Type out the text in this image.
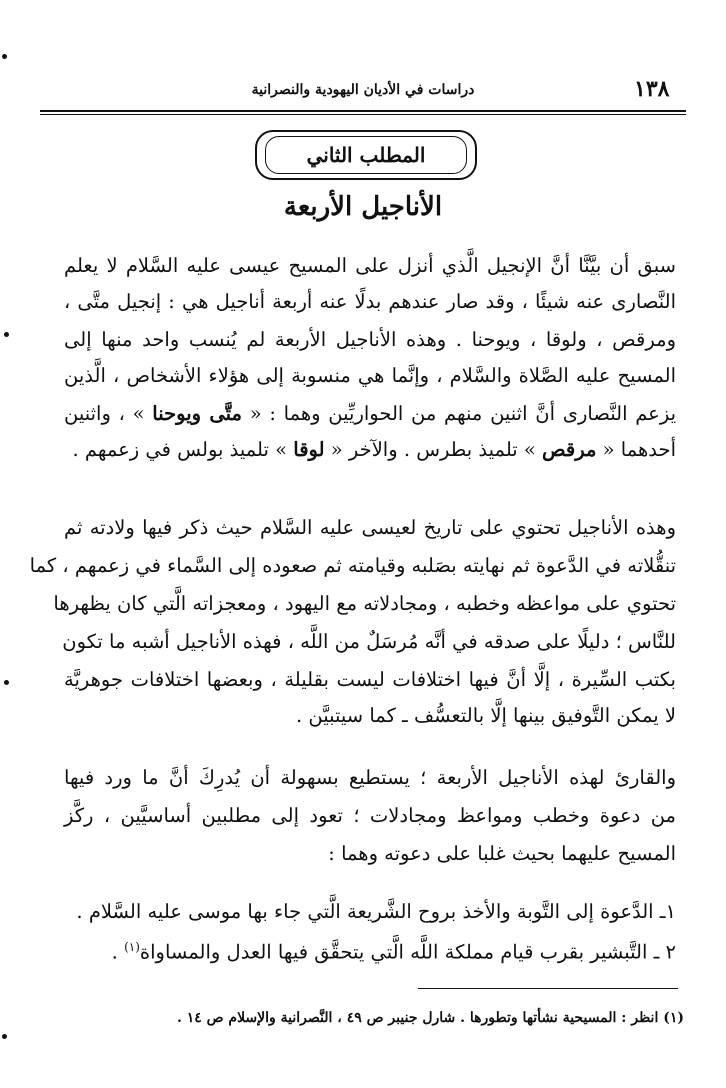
١٣٨
دراسات في الأديان اليهودية والنصرانية
المطلب الثاني
الأناجيل الأربعة
سبق أن بيَّنَّا أنَّ الإنجيل الَّذي أنزل على المسيح عيسى عليه السَّلام لا يعلم
النَّصارى عنه شيئًا ، وقد صار عندهم بدلًا عنه أربعة أناجيل هي : إنجيل متَّى ،
ومرقص ، ولوقا ، ويوحنا . وهذه الأناجيل الأربعة لم يُنسب واحد منها إلى
المسيح عليه الصَّلاة والسَّلام ، وإنَّما هي منسوبة إلى هؤلاء الأشخاص ، الَّذين
يزعم النَّصارى أنَّ اثنين منهم من الحواريِّين وهما : « متَّى ويوحنا » ، واثنين
أحدهما « مرقص » تلميذ بطرس . والآخر « لوقا » تلميذ بولس في زعمهم .
وهذه الأناجيل تحتوي على تاريخ لعيسى عليه السَّلام حيث ذكر فيها ولادته ثم
تنقُّلاته في الدَّعوة ثم نهايته بصَلبه وقيامته ثم صعوده إلى السَّماء في زعمهم ، كما
تحتوي على مواعظه وخطبه ، ومجادلاته مع اليهود ، ومعجزاته الَّتي كان يظهرها
للنَّاس ؛ دليلًا على صدقه في أنَّه مُرسَلٌ من اللَّه ، فهذه الأناجيل أشبه ما تكون
بكتب السِّيرة ، إلَّا أنَّ فيها اختلافات ليست بقليلة ، وبعضها اختلافات جوهريَّة
لا يمكن التَّوفيق بينها إلَّا بالتعسُّف ـ كما سيتبيَّن .
والقارئ لهذه الأناجيل الأربعة ؛ يستطيع بسهولة أن يُدرِكَ أنَّ ما ورد فيها
من دعوة وخطب ومواعظ ومجادلات ؛ تعود إلى مطلبين أساسيَّين ، ركَّز
المسيح عليهما بحيث غلبا على دعوته وهما :
١ـ الدَّعوة إلى التَّوبة والأخذ بروح الشَّريعة الَّتي جاء بها موسى عليه السَّلام .
٢ ـ التَّبشير بقرب قيام مملكة اللَّه الَّتي يتحقَّق فيها العدل والمساواة$^{(١)}$ .
(١) انظر : المسيحية نشأتها وتطورها . شارل جنيبر ص ٤٩ ، النَّصرانية والإسلام ص ١٤ .
